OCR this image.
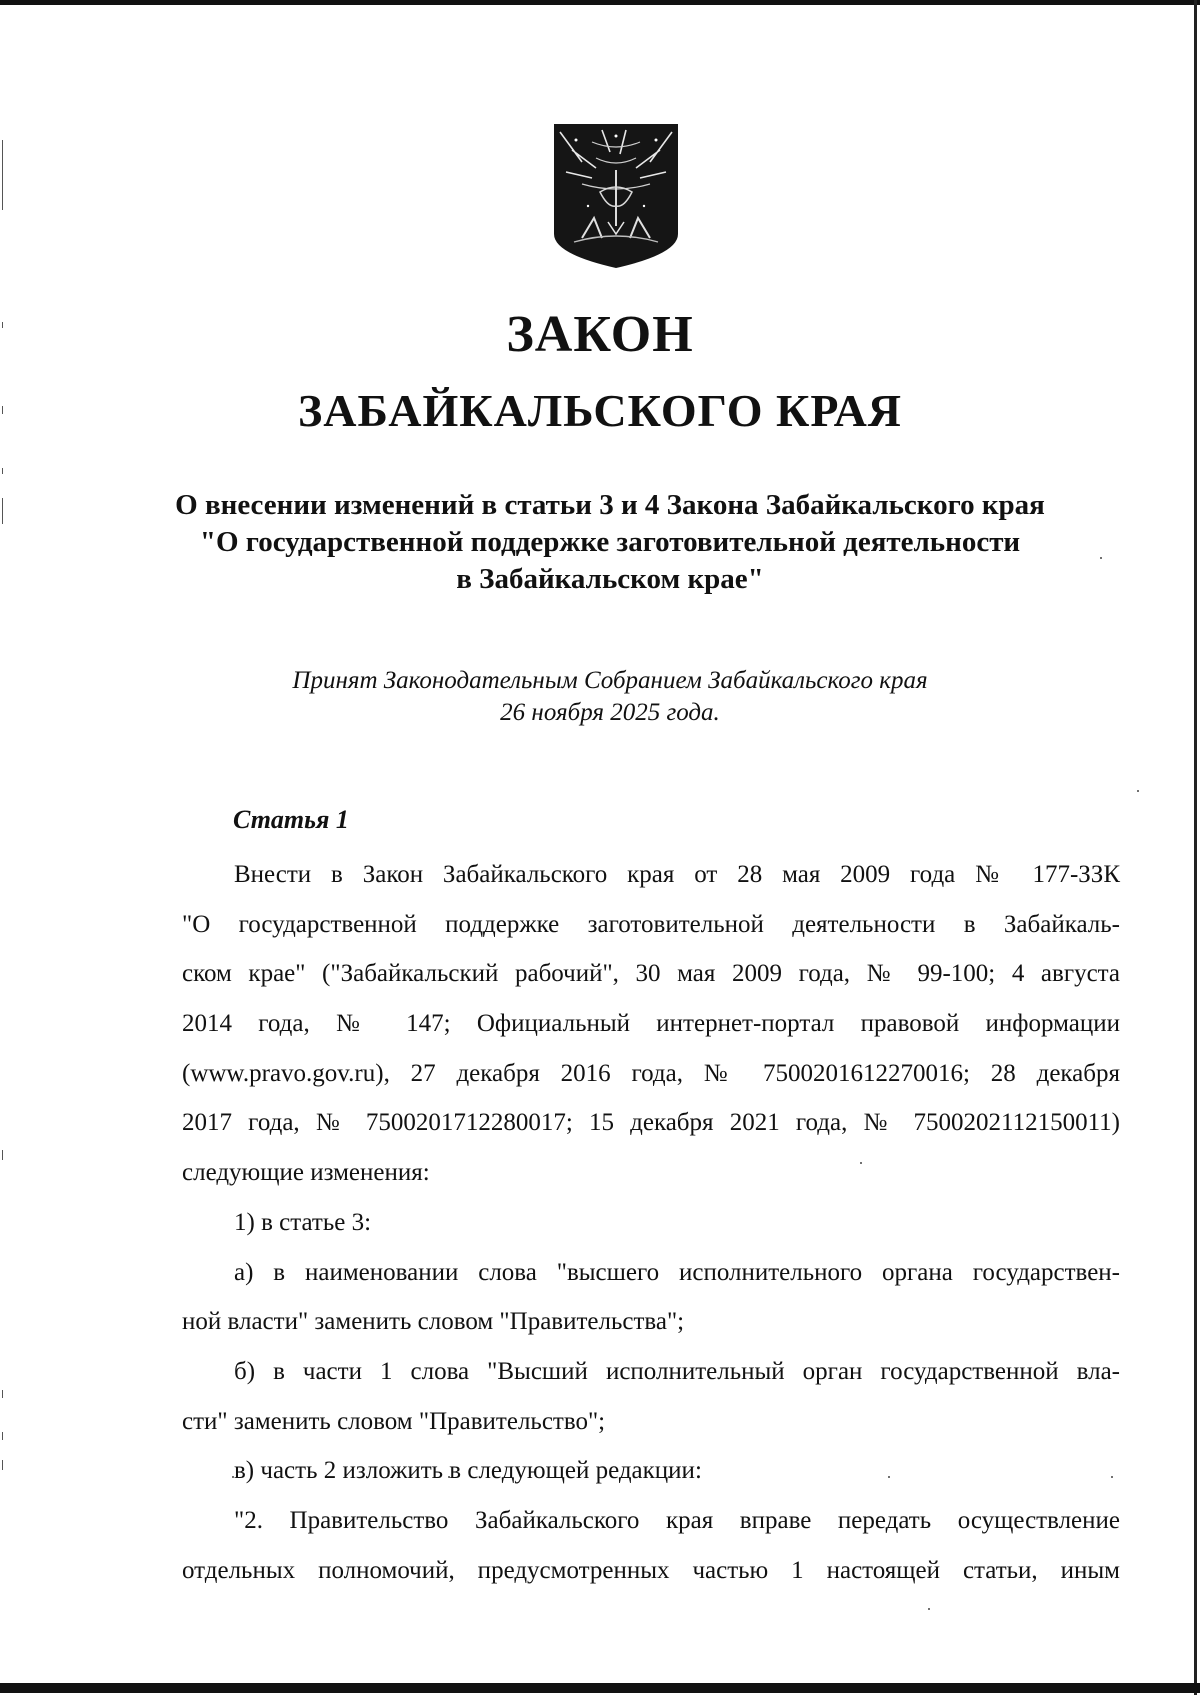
ЗАКОН
ЗАБАЙКАЛЬСКОГО КРАЯ
О внесении изменений в статьи 3 и 4 Закона Забайкальского края
"О государственной поддержке заготовительной деятельности
в Забайкальском крае"
Принят Законодательным Собранием Забайкальского края
26 ноября 2025 года.
Статья 1
Внести в Закон Забайкальского края от 28 мая 2009 года № 177-ЗЗК
"О государственной поддержке заготовительной деятельности в Забайкаль-
ском крае" ("Забайкальский рабочий", 30 мая 2009 года, № 99-100; 4 августа
2014 года, № 147; Официальный интернет-портал правовой информации
(www.pravo.gov.ru), 27 декабря 2016 года, № 7500201612270016; 28 декабря
2017 года, № 7500201712280017; 15 декабря 2021 года, № 7500202112150011)
следующие изменения:
1) в статье 3:
а) в наименовании слова "высшего исполнительного органа государствен-
ной власти" заменить словом "Правительства";
б) в части 1 слова "Высший исполнительный орган государственной вла-
сти" заменить словом "Правительство";
в) часть 2 изложить в следующей редакции:
"2. Правительство Забайкальского края вправе передать осуществление
отдельных полномочий, предусмотренных частью 1 настоящей статьи, иным
